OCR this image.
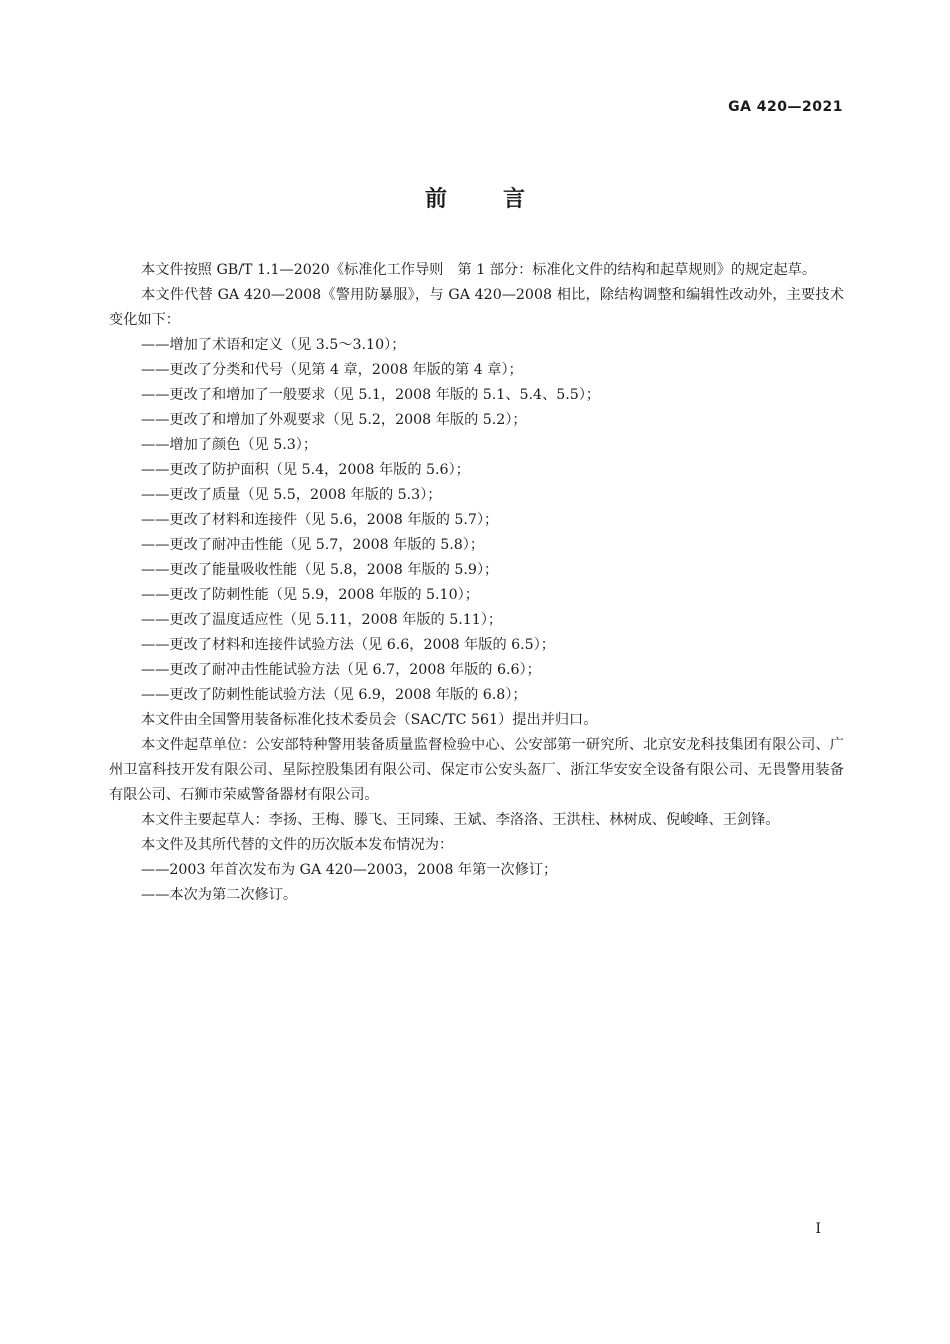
GA 420—2021
前言

本文件按照 GB/T 1.1—2020《标准化工作导则　第 1 部分：标准化文件的结构和起草规则》的规定起草。

本文件代替 GA 420—2008《警用防暴服》，与 GA 420—2008 相比，除结构调整和编辑性改动外，主要技术变化如下：

——增加了术语和定义（见 3.5～3.10）；

——更改了分类和代号（见第 4 章，2008 年版的第 4 章）；

——更改了和增加了一般要求（见 5.1，2008 年版的 5.1、5.4、5.5）；

——更改了和增加了外观要求（见 5.2，2008 年版的 5.2）；

——增加了颜色（见 5.3）；

——更改了防护面积（见 5.4，2008 年版的 5.6）；

——更改了质量（见 5.5，2008 年版的 5.3）；

——更改了材料和连接件（见 5.6，2008 年版的 5.7）；

——更改了耐冲击性能（见 5.7，2008 年版的 5.8）；

——更改了能量吸收性能（见 5.8，2008 年版的 5.9）；

——更改了防刺性能（见 5.9，2008 年版的 5.10）；

——更改了温度适应性（见 5.11，2008 年版的 5.11）；

——更改了材料和连接件试验方法（见 6.6，2008 年版的 6.5）；

——更改了耐冲击性能试验方法（见 6.7，2008 年版的 6.6）；

——更改了防刺性能试验方法（见 6.9，2008 年版的 6.8）；

本文件由全国警用装备标准化技术委员会（SAC/TC 561）提出并归口。

本文件起草单位：公安部特种警用装备质量监督检验中心、公安部第一研究所、北京安龙科技集团有限公司、广州卫富科技开发有限公司、星际控股集团有限公司、保定市公安头盔厂、浙江华安安全设备有限公司、无畏警用装备有限公司、石狮市荣威警备器材有限公司。

本文件主要起草人：李扬、王梅、滕飞、王同臻、王斌、李洛洛、王洪柱、林树成、倪峻峰、王剑锋。

本文件及其所代替的文件的历次版本发布情况为：

——2003 年首次发布为 GA 420—2003，2008 年第一次修订；

——本次为第二次修订。

I
